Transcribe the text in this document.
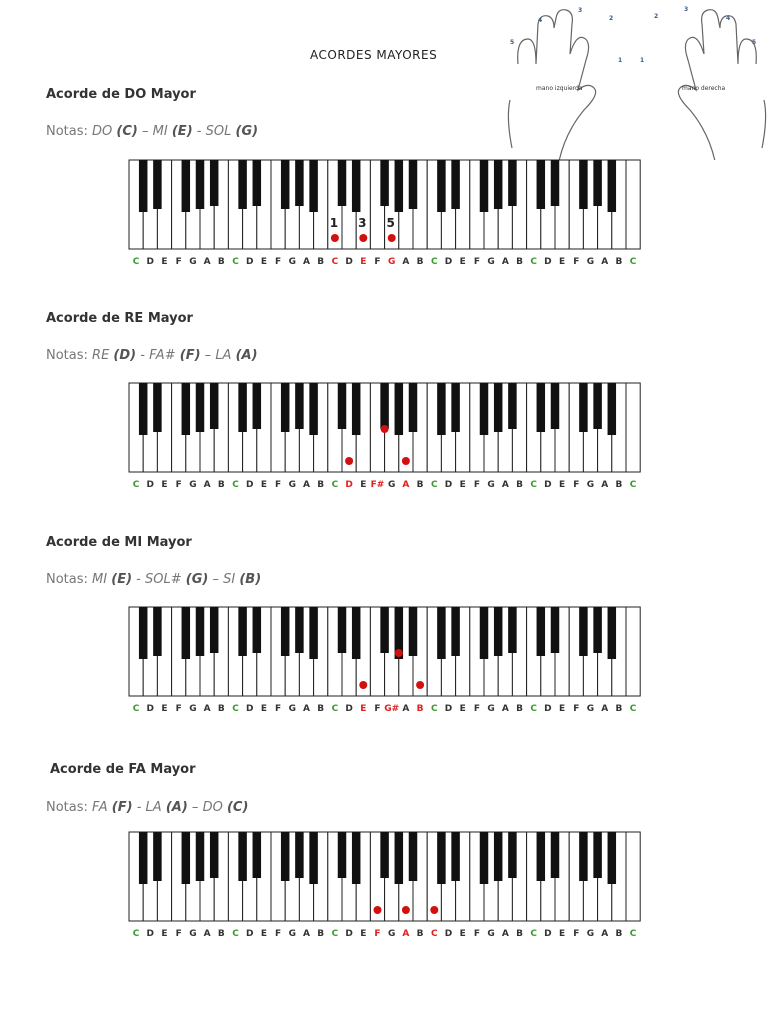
ACORDES MAYORES
4
3
2
5
1
2
3
4
1
5
mano izquierda	mano derecha
Acorde de DO Mayor
Notas: DO (C) – MI (E) - SOL (G)
1 3 5
C D E F G A B C D E F G A B C D E F G A B C D E F G A B C D E F G A B C
Acorde de RE Mayor
Notas: RE (D) - FA# (F) – LA (A)
C D E F G A B C D E F G A B C D E F# G A B C D E F G A B C D E F G A B C
Acorde de MI Mayor
Notas: MI (E) - SOL# (G) – SI (B)
C D E F G A B C D E F G A B C D E F G# A B C D E F G A B C D E F G A B C
Acorde de FA Mayor
Notas: FA (F) - LA (A) – DO (C)
C D E F G A B C D E F G A B C D E F G A B C D E F G A B C D E F G A B C
